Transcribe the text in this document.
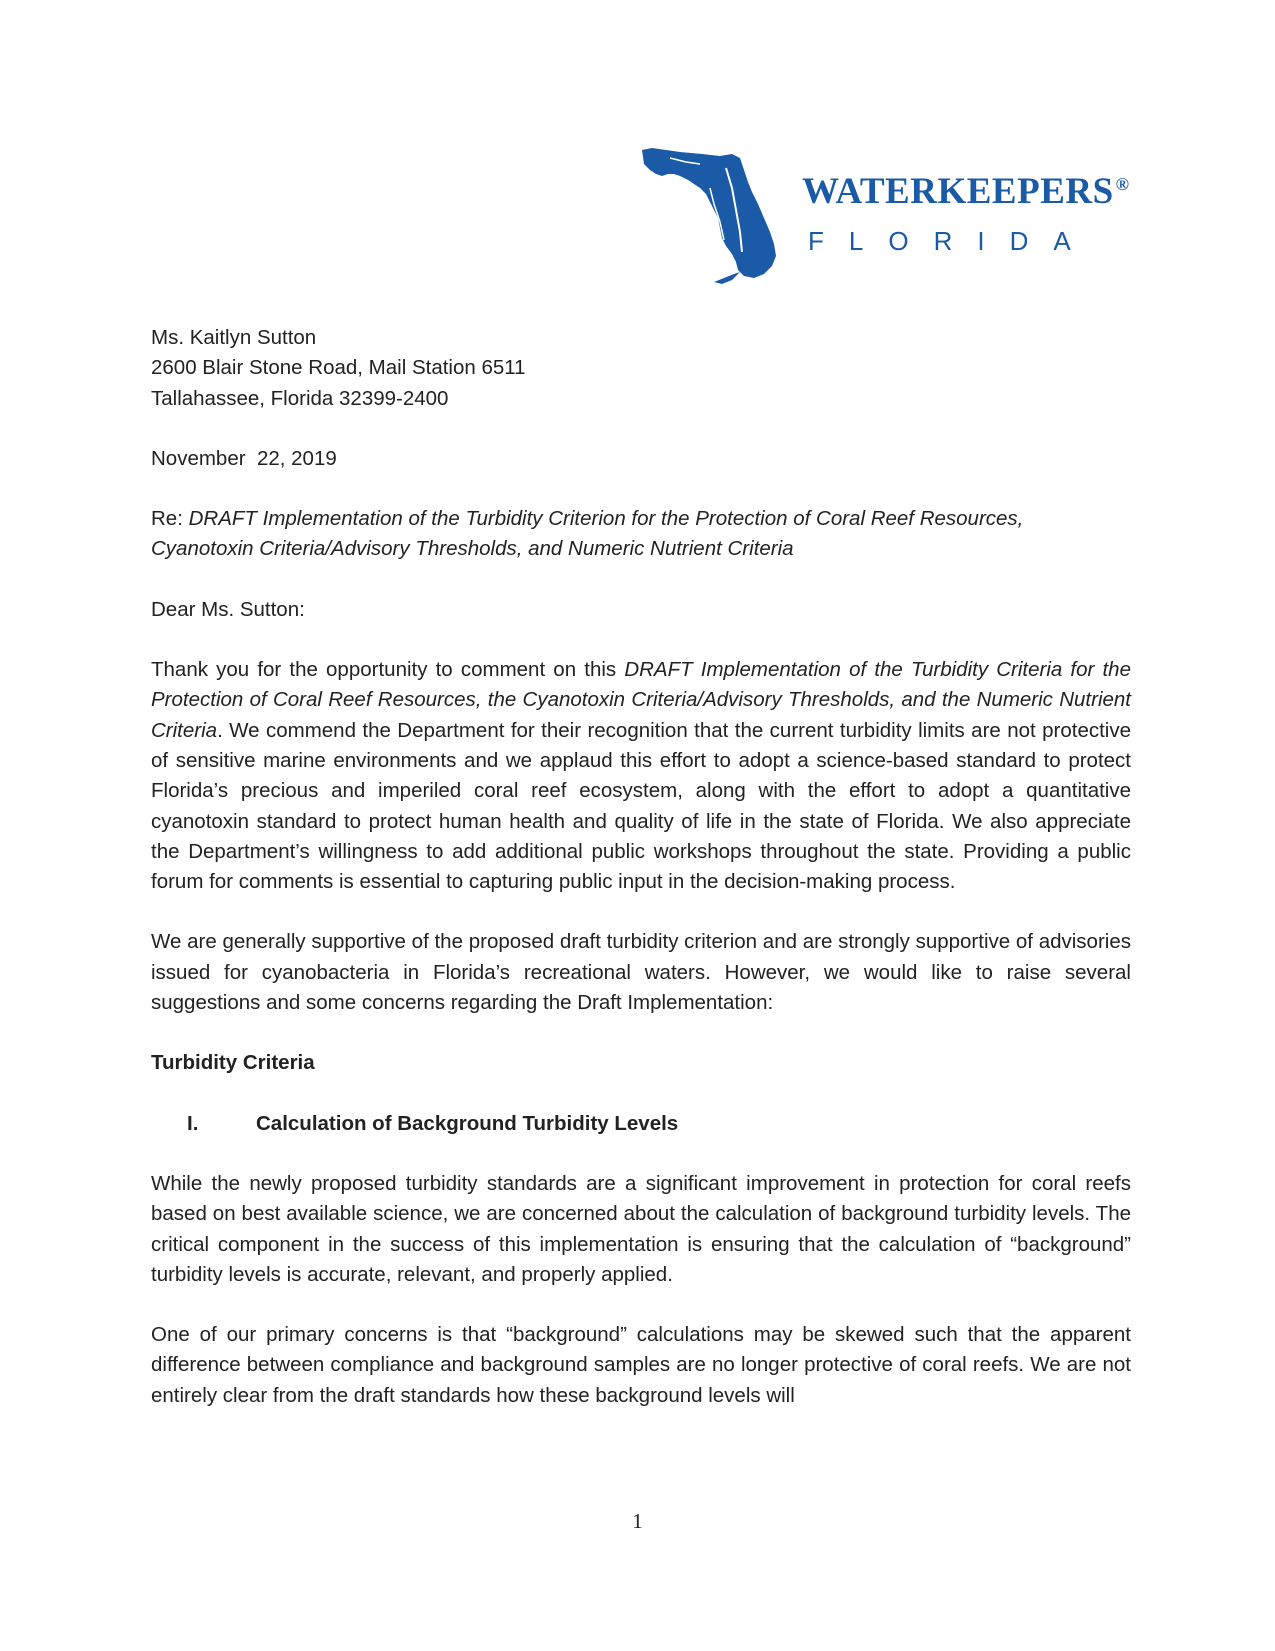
WATERKEEPERS ®
FLORIDA

Ms. Kaitlyn Sutton

2600 Blair Stone Road, Mail Station 6511

Tallahassee, Florida 32399-2400

November  22, 2019

Re: DRAFT Implementation of the Turbidity Criterion for the Protection of Coral Reef Resources, Cyanotoxin Criteria/Advisory Thresholds, and Numeric Nutrient Criteria

Dear Ms. Sutton:

Thank you for the opportunity to comment on this DRAFT Implementation of the Turbidity Criteria for the Protection of Coral Reef Resources, the Cyanotoxin Criteria/Advisory Thresholds, and the Numeric Nutrient Criteria. We commend the Department for their recognition that the current turbidity limits are not protective of sensitive marine environments and we applaud this effort to adopt a science-based standard to protect Florida’s precious and imperiled coral reef ecosystem, along with the effort to adopt a quantitative cyanotoxin standard to protect human health and quality of life in the state of Florida. We also appreciate the Department’s willingness to add additional public workshops throughout the state. Providing a public forum for comments is essential to capturing public input in the decision-making process.

We are generally supportive of the proposed draft turbidity criterion and are strongly supportive of advisories issued for cyanobacteria in Florida’s recreational waters. However, we would like to raise several suggestions and some concerns regarding the Draft Implementation:

Turbidity Criteria

I.	Calculation of Background Turbidity Levels

While the newly proposed turbidity standards are a significant improvement in protection for coral reefs based on best available science, we are concerned about the calculation of background turbidity levels. The critical component in the success of this implementation is ensuring that the calculation of “background” turbidity levels is accurate, relevant, and properly applied.

One of our primary concerns is that “background” calculations may be skewed such that the apparent difference between compliance and background samples are no longer protective of coral reefs. We are not entirely clear from the draft standards how these background levels will

1
